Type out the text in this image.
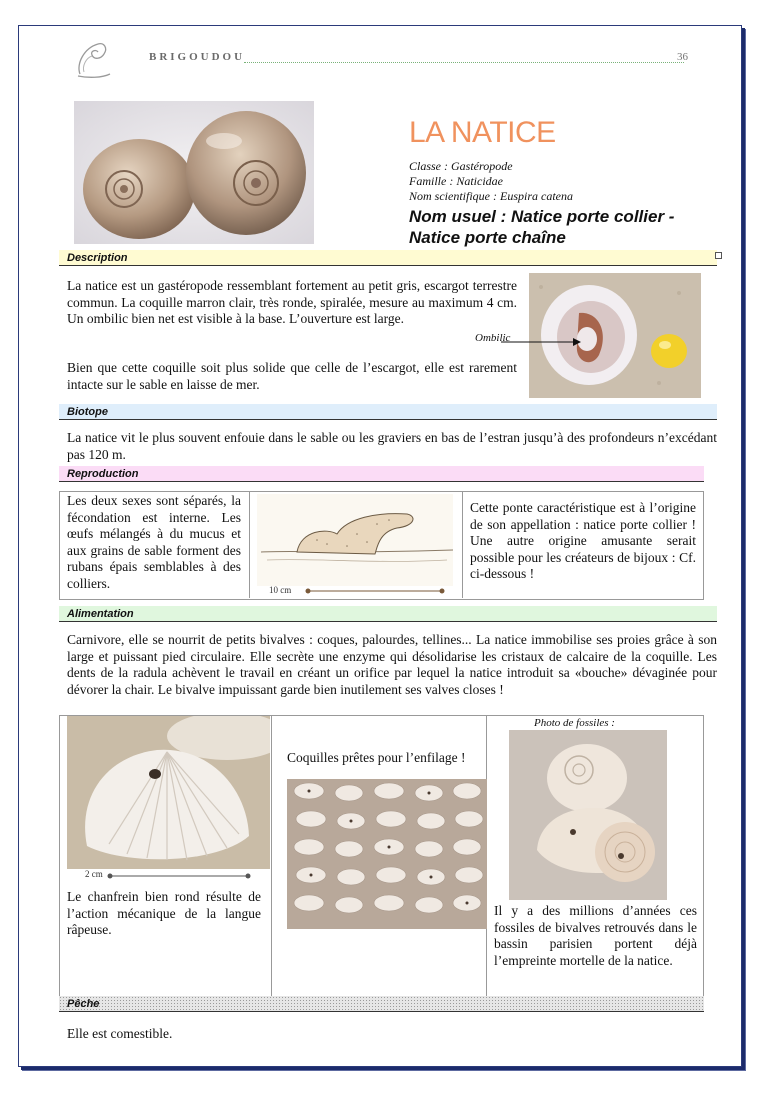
BRIGOUDOU	36
LA NATICE
Classe : Gastéropode
Famille : Naticidae
Nom scientifique : Euspira catena
Nom usuel : Natice porte collier - Natice porte chaîne
Description
La natice est un gastéropode ressemblant fortement au petit gris, escargot terrestre commun. La coquille marron clair, très ronde, spiralée, mesure au maximum 4 cm. Un ombilic bien net est visible à la base. L’ouverture est large.
Bien que cette coquille soit plus solide que celle de l’escargot, elle est rarement intacte sur le sable en laisse de mer.
Ombilic
Biotope
La natice vit le plus souvent enfouie dans le sable ou les graviers en bas de l’estran jusqu’à des profondeurs n’excédant pas 120 m.
Reproduction
Les deux sexes sont séparés, la fécondation est interne. Les œufs mélangés à du mucus et aux grains de sable forment des rubans épais semblables à des colliers.	10 cm
Cette ponte caractéristique est à l’origine de son appellation : natice porte collier ! Une autre origine amusante serait possible pour les créateurs de bijoux : Cf. ci-dessous !
Alimentation
Carnivore, elle se nourrit de petits bivalves : coques, palourdes, tellines... La natice immobilise ses proies grâce à son large et puissant pied circulaire. Elle secrète une enzyme qui désolidarise les cristaux de calcaire de la coquille. Les dents de la radula achèvent le travail en créant un orifice par lequel la natice introduit sa «bouche» dévaginée pour dévorer la chair. Le bivalve impuissant garde bien inutilement ses valves closes !
2 cm
Le chanfrein bien rond résulte de l’action mécanique de la langue râpeuse.
Coquilles prêtes pour l’enfilage !
Photo de fossiles :
Il y a des millions d’années ces fossiles de bivalves retrouvés dans le bassin parisien portent déjà l’empreinte mortelle de la natice.
Pêche
Elle est comestible.
